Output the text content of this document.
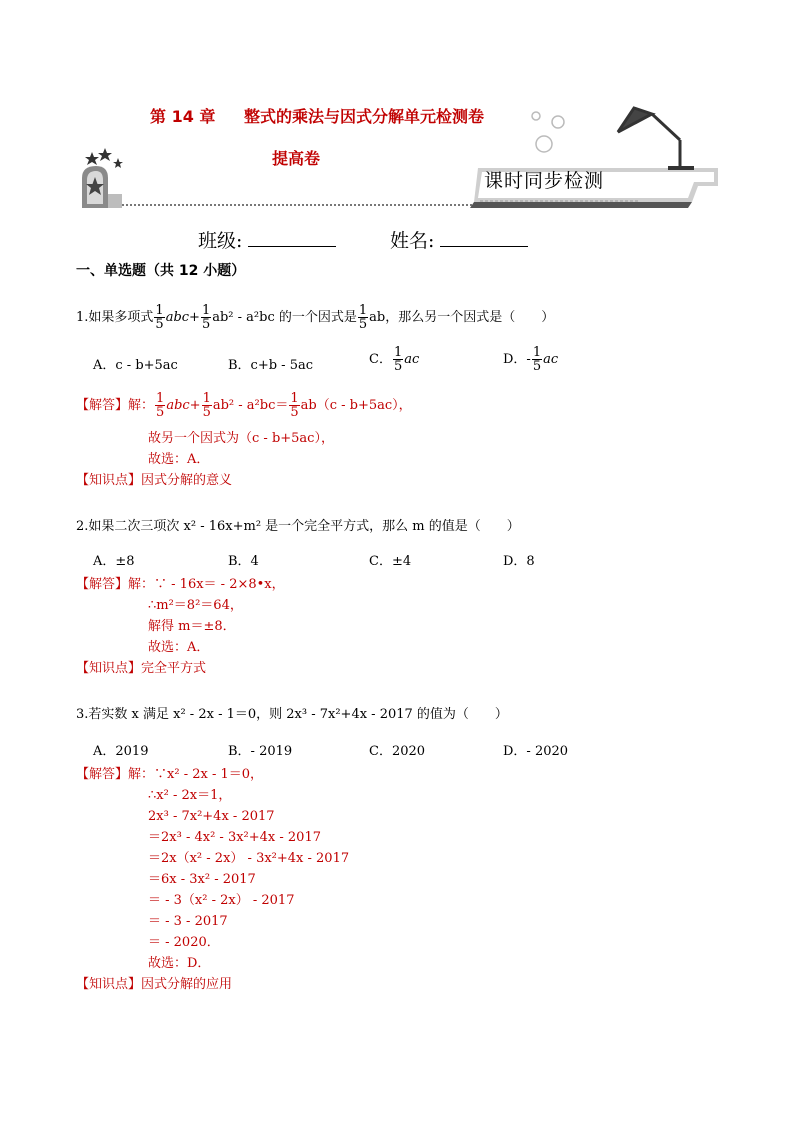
第 14 章 整式的乘法与因式分解单元检测卷
提高卷
课时同步检测
班级:	姓名:
一、单选题（共 12 小题）
1.如果多项式 $\frac{1}{5} abc+ \frac{1}{5} ab^2 - a^2bc$ 的一个因式是 $\frac{1}{5}$ ab，那么另一个因式是（　　）
A．c - b+5ac	B．c+b - 5ac	C． $\frac{1}{5}$ ac	D．- $\frac{1}{5}$ ac
【解答】解： $\frac{1}{5} abc+ \frac{1}{5} ab^2 - a^2bc= \frac{1}{5} ab(c - b+5ac)$，
故另一个因式为（c - b+5ac），
故选：A．
【知识点】因式分解的意义
2.如果二次三项次 x² - 16x+m² 是一个完全平方式，那么 m 的值是（　　）
A．±8	B．4	C．±4	D．8
【解答】解：∵ - 16x＝ - 2×8•x，
∴m²＝8²＝64，
解得 m＝±8．
故选：A．
【知识点】完全平方式
3.若实数 x 满足 x² - 2x - 1＝0，则 2x³ - 7x²+4x - 2017 的值为（　　）
A．2019	B．- 2019	C．2020	D．- 2020
【解答】解：∵x² - 2x - 1＝0，
∴x² - 2x＝1，
2x³ - 7x²+4x - 2017
＝2x³ - 4x² - 3x²+4x - 2017
＝2x（x² - 2x） - 3x²+4x - 2017
＝6x - 3x² - 2017
＝ - 3（x² - 2x） - 2017
＝ - 3 - 2017
＝ - 2020．
故选：D．
【知识点】因式分解的应用
